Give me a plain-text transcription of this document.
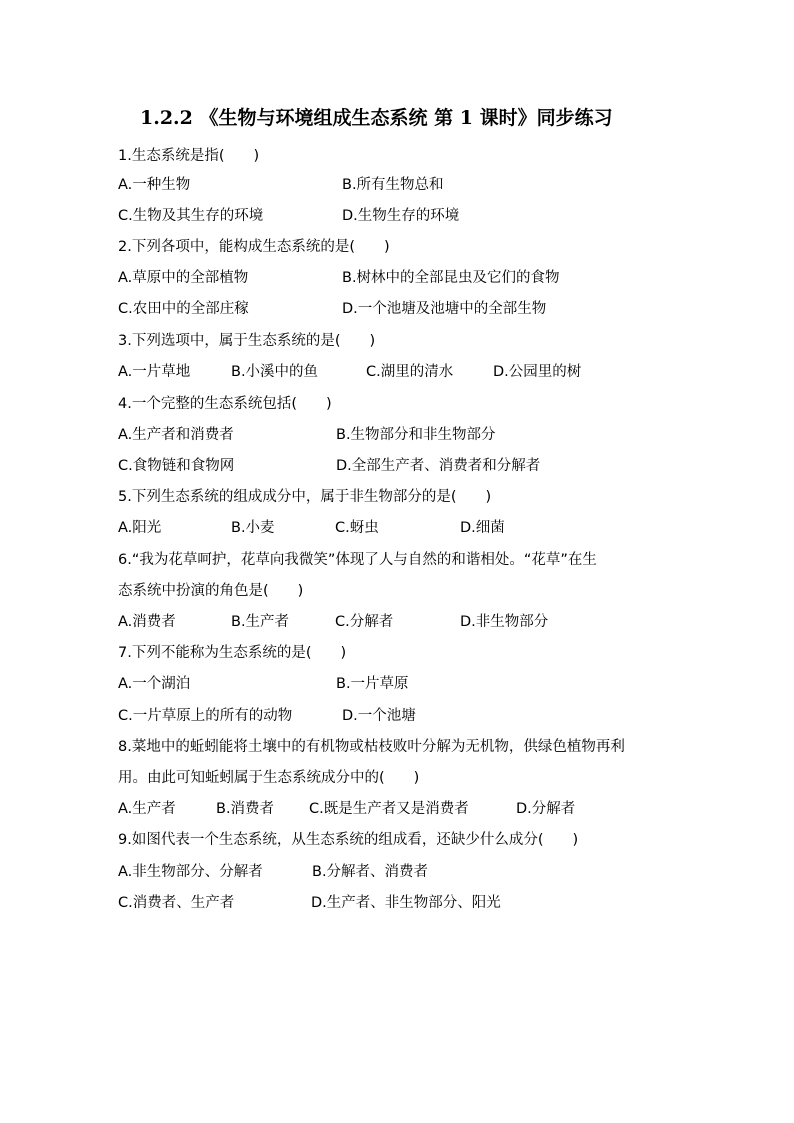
1.2.2 《生物与环境组成生态系统 第 1 课时》同步练习
1.生态系统是指(　　)
A.一种生物	B.所有生物总和
C.生物及其生存的环境	D.生物生存的环境
2.下列各项中，能构成生态系统的是(　　)
A.草原中的全部植物	B.树林中的全部昆虫及它们的食物
C.农田中的全部庄稼	D.一个池塘及池塘中的全部生物
3.下列选项中，属于生态系统的是(　　)
A.一片草地	B.小溪中的鱼	C.湖里的清水	D.公园里的树
4.一个完整的生态系统包括(　　)
A.生产者和消费者	B.生物部分和非生物部分
C.食物链和食物网	D.全部生产者、消费者和分解者
5.下列生态系统的组成成分中，属于非生物部分的是(　　)
A.阳光	B.小麦	C.蚜虫	D.细菌
6.“我为花草呵护，花草向我微笑”体现了人与自然的和谐相处。“花草”在生
态系统中扮演的角色是(　　)
A.消费者	B.生产者	C.分解者	D.非生物部分
7.下列不能称为生态系统的是(　　)
A.一个湖泊	B.一片草原
C.一片草原上的所有的动物	D.一个池塘
8.菜地中的蚯蚓能将土壤中的有机物或枯枝败叶分解为无机物，供绿色植物再利
用。由此可知蚯蚓属于生态系统成分中的(　　)
A.生产者	B.消费者 C.既是生产者又是消费者	D.分解者
9.如图代表一个生态系统，从生态系统的组成看，还缺少什么成分(　　)
A.非生物部分、分解者	B.分解者、消费者
C.消费者、生产者	D.生产者、非生物部分、阳光
